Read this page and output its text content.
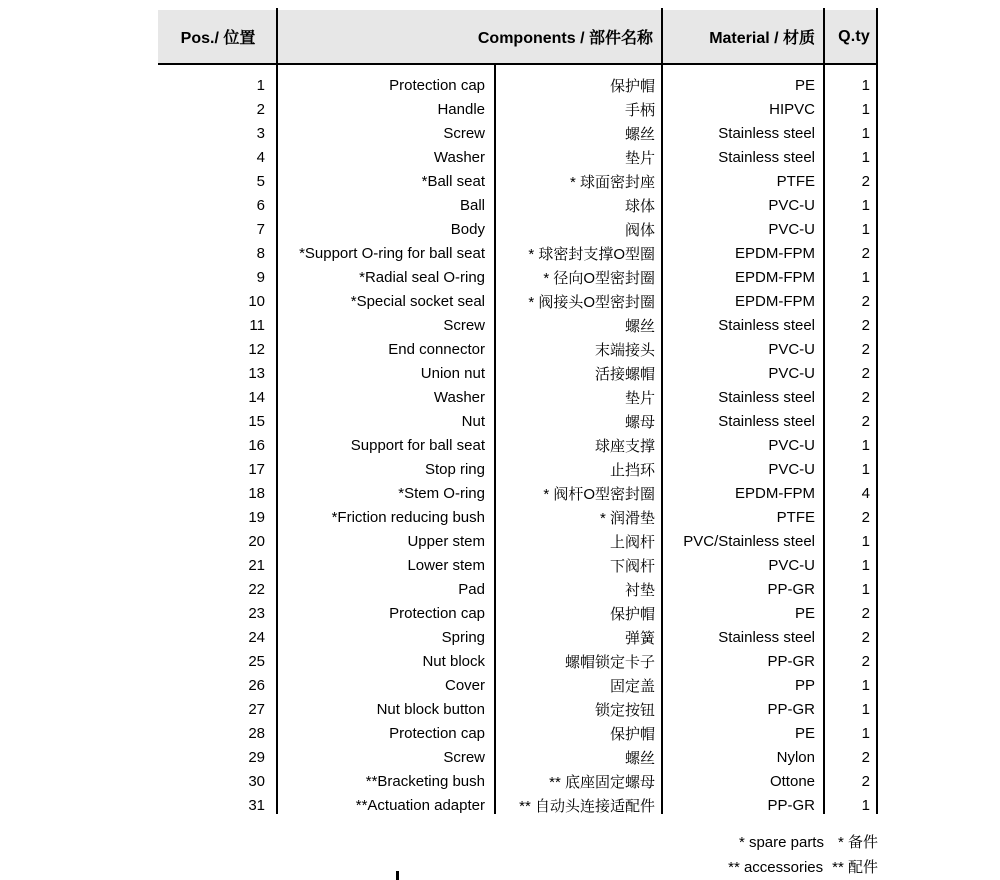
Pos./ 位置	Components / 部件名称	Material / 材质	Q.ty
1	Protection cap	保护帽	PE	1
2	Handle	手柄	HIPVC	1
3	Screw	螺丝	Stainless steel	1
4	Washer	垫片	Stainless steel	1
5	*Ball seat	* 球面密封座	PTFE	2
6	Ball	球体	PVC-U	1
7	Body	阀体	PVC-U	1
8	*Support O-ring for ball seat	* 球密封支撑O型圈	EPDM-FPM	2
9	*Radial seal O-ring	* 径向O型密封圈	EPDM-FPM	1
10	*Special socket seal	* 阀接头O型密封圈	EPDM-FPM	2
11	Screw	螺丝	Stainless steel	2
12	End connector	末端接头	PVC-U	2
13	Union nut	活接螺帽	PVC-U	2
14	Washer	垫片	Stainless steel	2
15	Nut	螺母	Stainless steel	2
16	Support for ball seat	球座支撑	PVC-U	1
17	Stop ring	止挡环	PVC-U	1
18	*Stem O-ring	* 阀杆O型密封圈	EPDM-FPM	4
19	*Friction reducing bush	* 润滑垫	PTFE	2
20	Upper stem	上阀杆	PVC/Stainless steel	1
21	Lower stem	下阀杆	PVC-U	1
22	Pad	衬垫	PP-GR	1
23	Protection cap	保护帽	PE	2
24	Spring	弹簧	Stainless steel	2
25	Nut block	螺帽锁定卡子	PP-GR	2
26	Cover	固定盖	PP	1
27	Nut block button	锁定按钮	PP-GR	1
28	Protection cap	保护帽	PE	1
29	Screw	螺丝	Nylon	2
30	**Bracketing bush	** 底座固定螺母	Ottone	2
31	**Actuation adapter	** 自动头连接适配件	PP-GR	1
* spare parts * 备件
** accessories ** 配件
